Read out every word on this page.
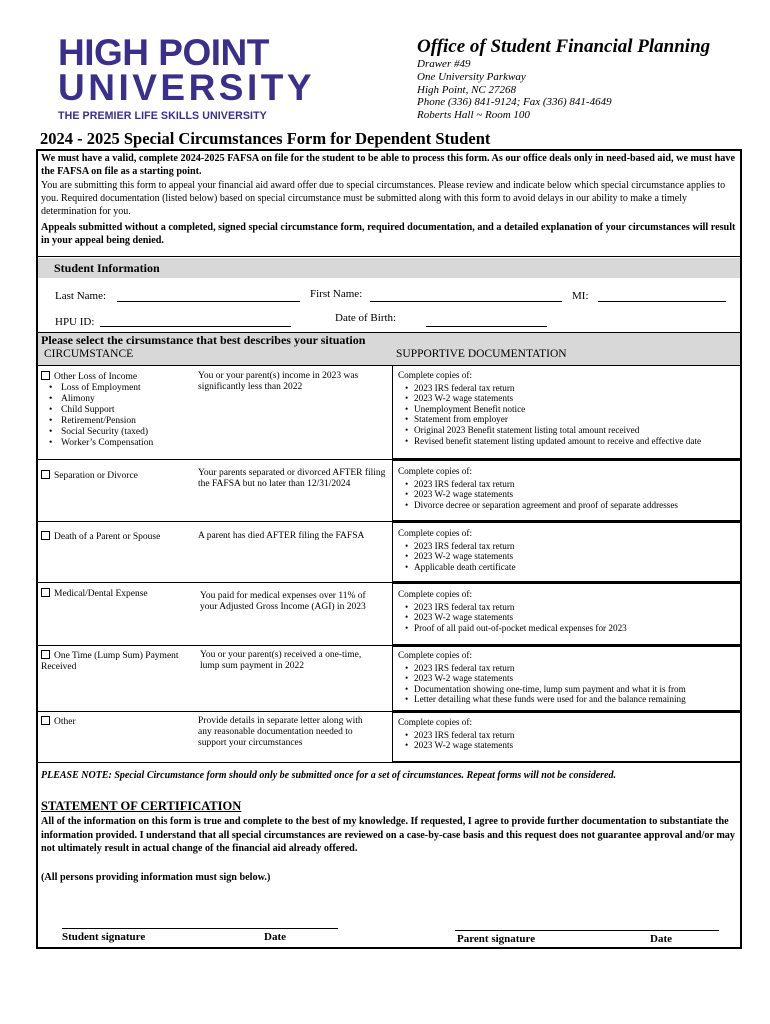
HIGH POINT
UNIVERSITY
THE PREMIER LIFE SKILLS UNIVERSITY
Office of Student Financial Planning
Drawer #49
One University Parkway
High Point, NC 27268
Phone (336) 841-9124; Fax (336) 841-4649
Roberts Hall ~ Room 100
2024 - 2025 Special Circumstances Form for Dependent Student

We must have a valid, complete 2024-2025 FAFSA on file for the student to be able to process this form. As our office deals only in need-based aid, we must have the FAFSA on file as a starting point.

You are submitting this form to appeal your financial aid award offer due to special circumstances. Please review and indicate below which special circumstance applies to you. Required documentation (listed below) based on special circumstance must be submitted along with this form to avoid delays in our ability to make a timely determination for you.

Appeals submitted without a completed, signed special circumstance form, required documentation, and a detailed explanation of your circumstances will result in your appeal being denied.

Student Information
Last Name:	First Name:	MI:
HPU ID:	Date of Birth:
Please select the cirsumstance that best describes your situation
CIRCUMSTANCE	SUPPORTIVE DOCUMENTATION
Other Loss of Income
• Loss of Employment
• Alimony
• Child Support
• Retirement/Pension
• Social Security (taxed)
• Worker’s Compensation
You or your parent(s) income in 2023 was significantly less than 2022
Complete copies of:
• 2023 IRS federal tax return
• 2023 W-2 wage statements
• Unemployment Benefit notice
• Statement from employer
• Original 2023 Benefit statement listing total amount received
• Revised benefit statement listing updated amount to receive and effective date
Separation or Divorce	Your parents separated or divorced AFTER filing the FAFSA but no later than 12/31/2024
Complete copies of:
• 2023 IRS federal tax return
• 2023 W-2 wage statements
• Divorce decree or separation agreement and proof of separate addresses
Death of a Parent or Spouse	A parent has died AFTER filing the FAFSA	Complete copies of:
• 2023 IRS federal tax return
• 2023 W-2 wage statements
• Applicable death certificate
Medical/Dental Expense	You paid for medical expenses over 11% of your Adjusted Gross Income (AGI) in 2023
Complete copies of:
• 2023 IRS federal tax return
• 2023 W-2 wage statements
• Proof of all paid out-of-pocket medical expenses for 2023
One Time (Lump Sum) Payment Received
You or your parent(s) received a one-time, lump sum payment in 2022
Complete copies of:
• 2023 IRS federal tax return
• 2023 W-2 wage statements
• Documentation showing one-time, lump sum payment and what it is from
• Letter detailing what these funds were used for and the balance remaining
Other	Provide details in separate letter along with any reasonable documentation needed to support your circumstances
Complete copies of:
• 2023 IRS federal tax return
• 2023 W-2 wage statements
PLEASE NOTE: Special Circumstance form should only be submitted once for a set of circumstances. Repeat forms will not be considered.
STATEMENT OF CERTIFICATION
All of the information on this form is true and complete to the best of my knowledge. If requested, I agree to provide further documentation to substantiate the information provided. I understand that all special circumstances are reviewed on a case-by-case basis and this request does not guarantee approval and/or may not ultimately result in actual change of the financial aid already offered.
(All persons providing information must sign below.)
Student signature	Date	Parent signature	Date
